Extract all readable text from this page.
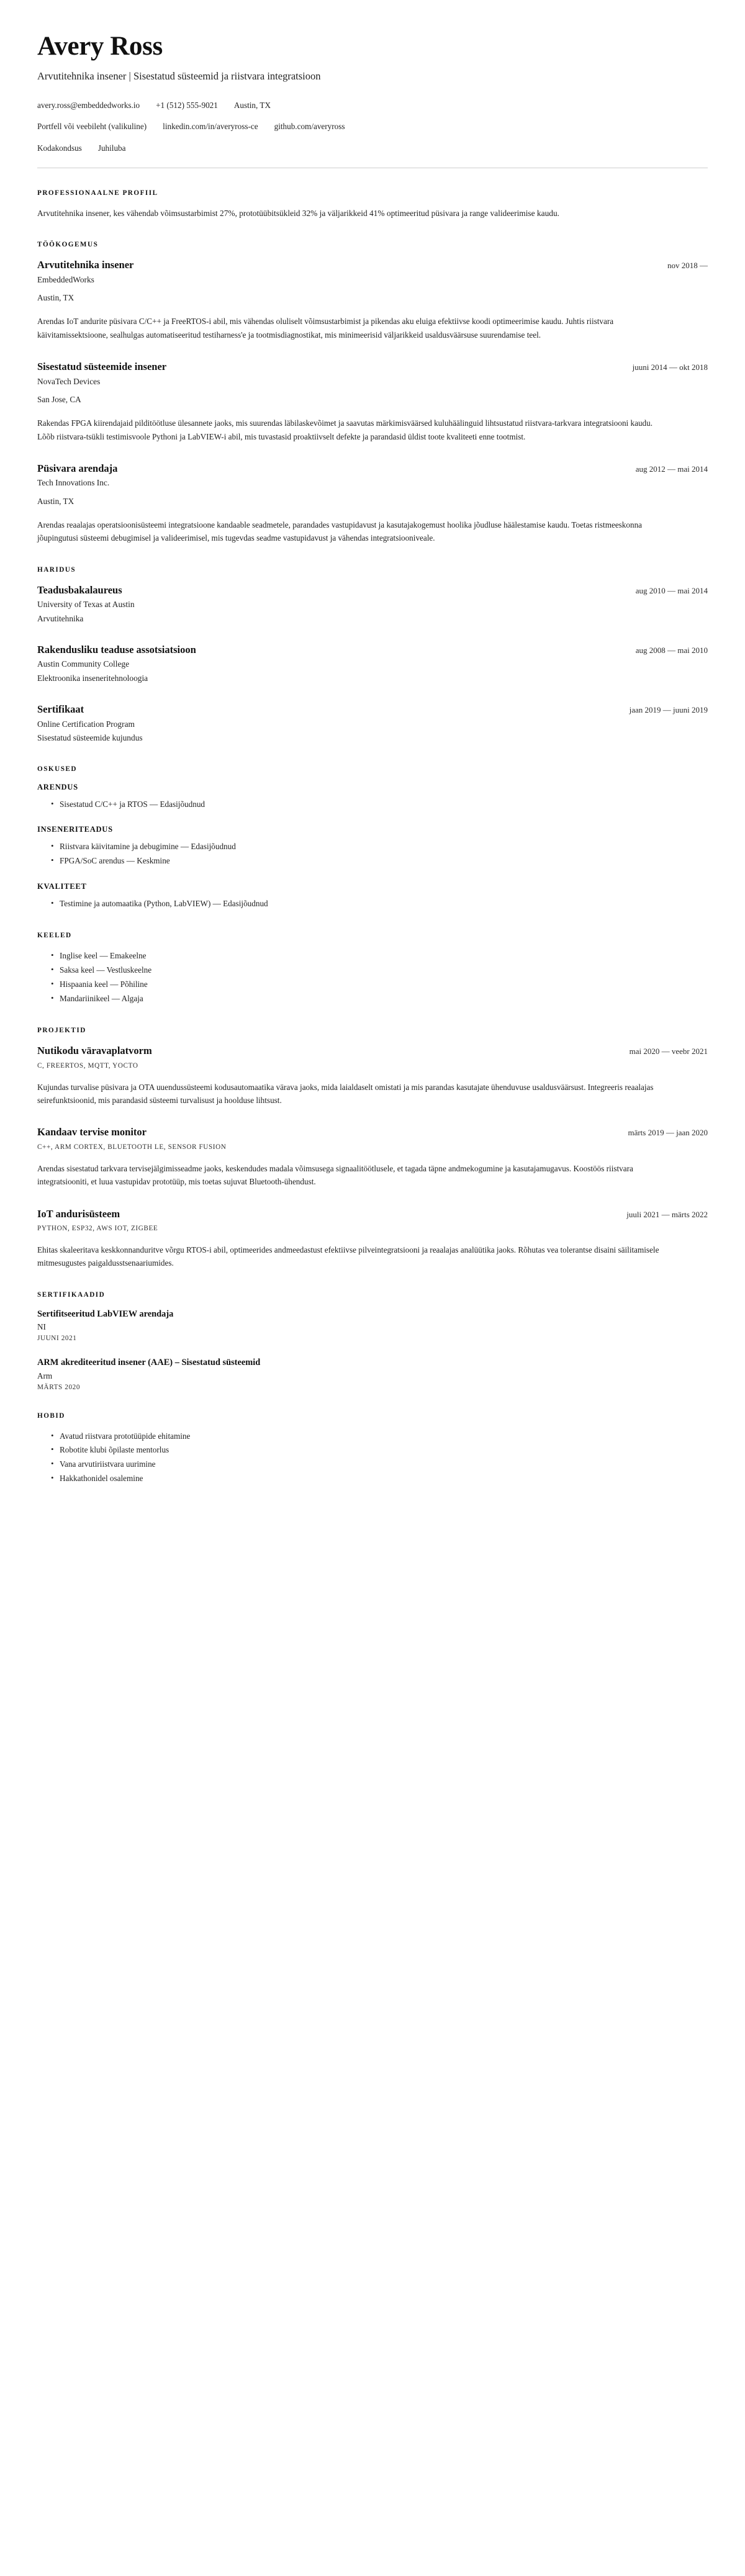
Avery Ross
Arvutitehnika insener | Sisestatud süsteemid ja riistvara integratsioon
avery.ross@embeddedworks.io +1 (512) 555-9021 Austin, TX
Portfell või veebileht (valikuline) linkedin.com/in/averyross-ce github.com/averyross
Kodakondsus Juhiluba
PROFESSIONAALNE PROFIIL

Arvutitehnika insener, kes vähendab võimsustarbimist 27%, prototüübitsükleid 32% ja väljarikkeid 41% optimeeritud püsivara ja range valideerimise kaudu.

TÖÖKOGEMUS
Arvutitehnika insener	nov 2018 —
EmbeddedWorks
Austin, TX
Arendas IoT andurite püsivara C/C++ ja FreeRTOS-i abil, mis vähendas oluliselt võimsustarbimist ja pikendas aku eluiga efektiivse koodi optimeerimise kaudu. Juhtis riistvara käivitamissektsioone, sealhulgas automatiseeritud testiharness'e ja tootmisdiagnostikat, mis minimeerisid väljarikkeid usaldusväärsuse suurendamise teel.
Sisestatud süsteemide insener	juuni 2014 — okt 2018
NovaTech Devices
San Jose, CA
Rakendas FPGA kiirendajaid pilditöötluse ülesannete jaoks, mis suurendas läbilaskevõimet ja saavutas märkimisväärsed kuluhäälinguid lihtsustatud riistvara-tarkvara integratsiooni kaudu. Lõõb riistvara-tsükli testimisvoole Pythoni ja LabVIEW-i abil, mis tuvastasid proaktiivselt defekte ja parandasid üldist toote kvaliteeti enne tootmist.
Püsivara arendaja	aug 2012 — mai 2014
Tech Innovations Inc.
Austin, TX
Arendas reaalajas operatsioonisüsteemi integratsioone kandaable seadmetele, parandades vastupidavust ja kasutajakogemust hoolika jõudluse häälestamise kaudu. Toetas ristmeeskonna jõupingutusi süsteemi debugimisel ja valideerimisel, mis tugevdas seadme vastupidavust ja vähendas integratsiooniveale.
HARIDUS
Teadusbakalaureus	aug 2010 — mai 2014
University of Texas at Austin
Arvutitehnika
Rakendusliku teaduse assotsiatsioon	aug 2008 — mai 2010
Austin Community College
Elektroonika inseneritehnoloogia
Sertifikaat	jaan 2019 — juuni 2019
Online Certification Program
Sisestatud süsteemide kujundus
OSKUSED
ARENDUS
• Sisestatud C/C++ ja RTOS — Edasijõudnud
INSENERITEADUS
• Riistvara käivitamine ja debugimine — Edasijõudnud
• FPGA/SoC arendus — Keskmine
KVALITEET
• Testimine ja automaatika (Python, LabVIEW) — Edasijõudnud
KEELED
• Inglise keel — Emakeelne
• Saksa keel — Vestluskeelne
• Hispaania keel — Põhiline
• Mandariinikeel — Algaja
PROJEKTID
Nutikodu väravaplatvorm	mai 2020 — veebr 2021
C, FREERTOS, MQTT, YOCTO
Kujundas turvalise püsivara ja OTA uuendussüsteemi kodusautomaatika värava jaoks, mida laialdaselt omistati ja mis parandas kasutajate ühenduvuse usaldusväärsust. Integreeris reaalajas seirefunktsioonid, mis parandasid süsteemi turvalisust ja hoolduse lihtsust.
Kandaav tervise monitor	märts 2019 — jaan 2020
C++, ARM CORTEX, BLUETOOTH LE, SENSOR FUSION
Arendas sisestatud tarkvara tervisejälgimisseadme jaoks, keskendudes madala võimsusega signaalitöötlusele, et tagada täpne andmekogumine ja kasutajamugavus. Koostöös riistvara integratsiooniti, et luua vastupidav prototüüp, mis toetas sujuvat Bluetooth-ühendust.
IoT andurisüsteem	juuli 2021 — märts 2022
PYTHON, ESP32, AWS IOT, ZIGBEE
Ehitas skaleeritava keskkonnanduritve võrgu RTOS-i abil, optimeerides andmeedastust efektiivse pilveintegratsiooni ja reaalajas analüütika jaoks. Rõhutas vea tolerantse disaini säilitamisele mitmesugustes paigaldusstsenaariumides.
SERTIFIKAADID
Sertifitseeritud LabVIEW arendaja
NI
JUUNI 2021
ARM akrediteeritud insener (AAE) – Sisestatud süsteemid
Arm
MÄRTS 2020
HOBID
• Avatud riistvara prototüüpide ehitamine
• Robotite klubi õpilaste mentorlus
• Vana arvutiriistvara uurimine
• Hakkathonidel osalemine
